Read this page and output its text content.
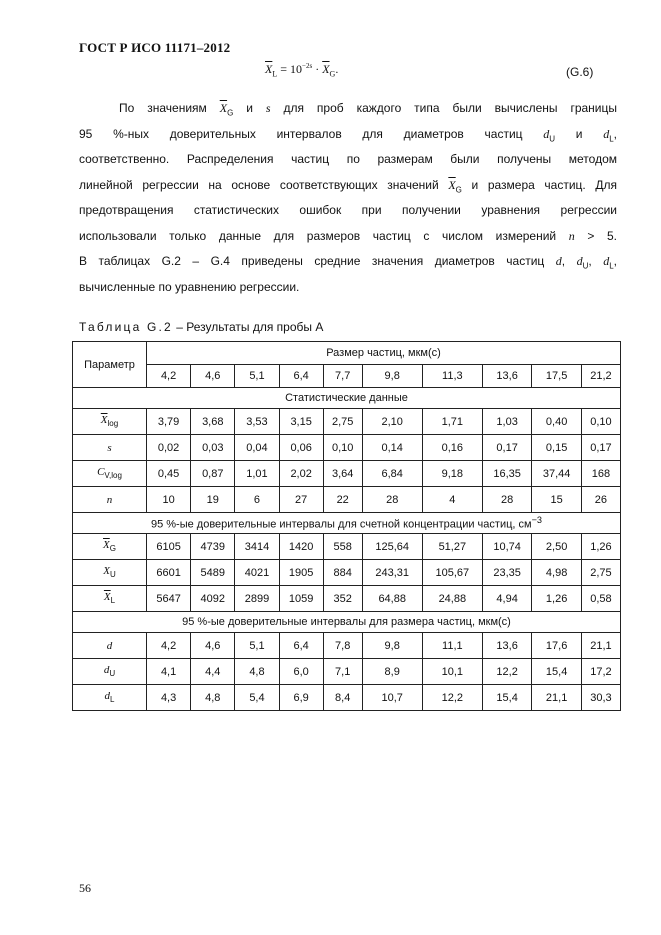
ГОСТ Р ИСО 11171–2012
$\overline{X}_L = 10^{-2s} \cdot \overline{X}_G$.	(G.6)
По значениям $\overline{X}_G$ и s для проб каждого типа были вычислены границы
95 %-ных доверительных интервалов для диаметров частиц $d_U$ и $d_L$,
соответственно. Распределения частиц по размерам были получены методом
линейной регрессии на основе соответствующих значений $\overline{X}_G$ и размера частиц. Для
предотвращения статистических ошибок при получении уравнения регрессии
использовали только данные для размеров частиц с числом измерений n > 5.
В таблицах G.2 – G.4 приведены средние значения диаметров частиц d, $d_U$, $d_L$,
вычисленные по уравнению регрессии.
Таблица G.2 – Результаты для пробы А
Параметр	Размер частиц, мкм(с)									
	4,2	4,6	5,1	6,4	7,7	9,8	11,3	13,6	17,5	21,2
Статистические данные										
$\overline{X}_{log}$	3,79	3,68	3,53	3,15	2,75	2,10	1,71	1,03	0,40	0,10
s	0,02	0,03	0,04	0,06	0,10	0,14	0,16	0,17	0,15	0,17
$C_{V,log}$	0,45	0,87	1,01	2,02	3,64	6,84	9,18	16,35	37,44	168
n	10	19	6	27	22	28	4	28	15	26
95 %-ые доверительные интервалы для счетной концентрации частиц, $см^{-3}$
$\overline{X}_G$	6105	4739	3414	1420	558	125,64	51,27	10,74	2,50	1,26
$X_U$	6601	5489	4021	1905	884	243,31	105,67	23,35	4,98	2,75
$\overline{X}_L$	5647	4092	2899	1059	352	64,88	24,88	4,94	1,26	0,58
95 %-ые доверительные интервалы для размера частиц, мкм(с)										
d	4,2	4,6	5,1	6,4	7,8	9,8	11,1	13,6	17,6	21,1
$d_U$	4,1	4,4	4,8	6,0	7,1	8,9	10,1	12,2	15,4	17,2
$d_L$	4,3	4,8	5,4	6,9	8,4	10,7	12,2	15,4	21,1	30,3
56
